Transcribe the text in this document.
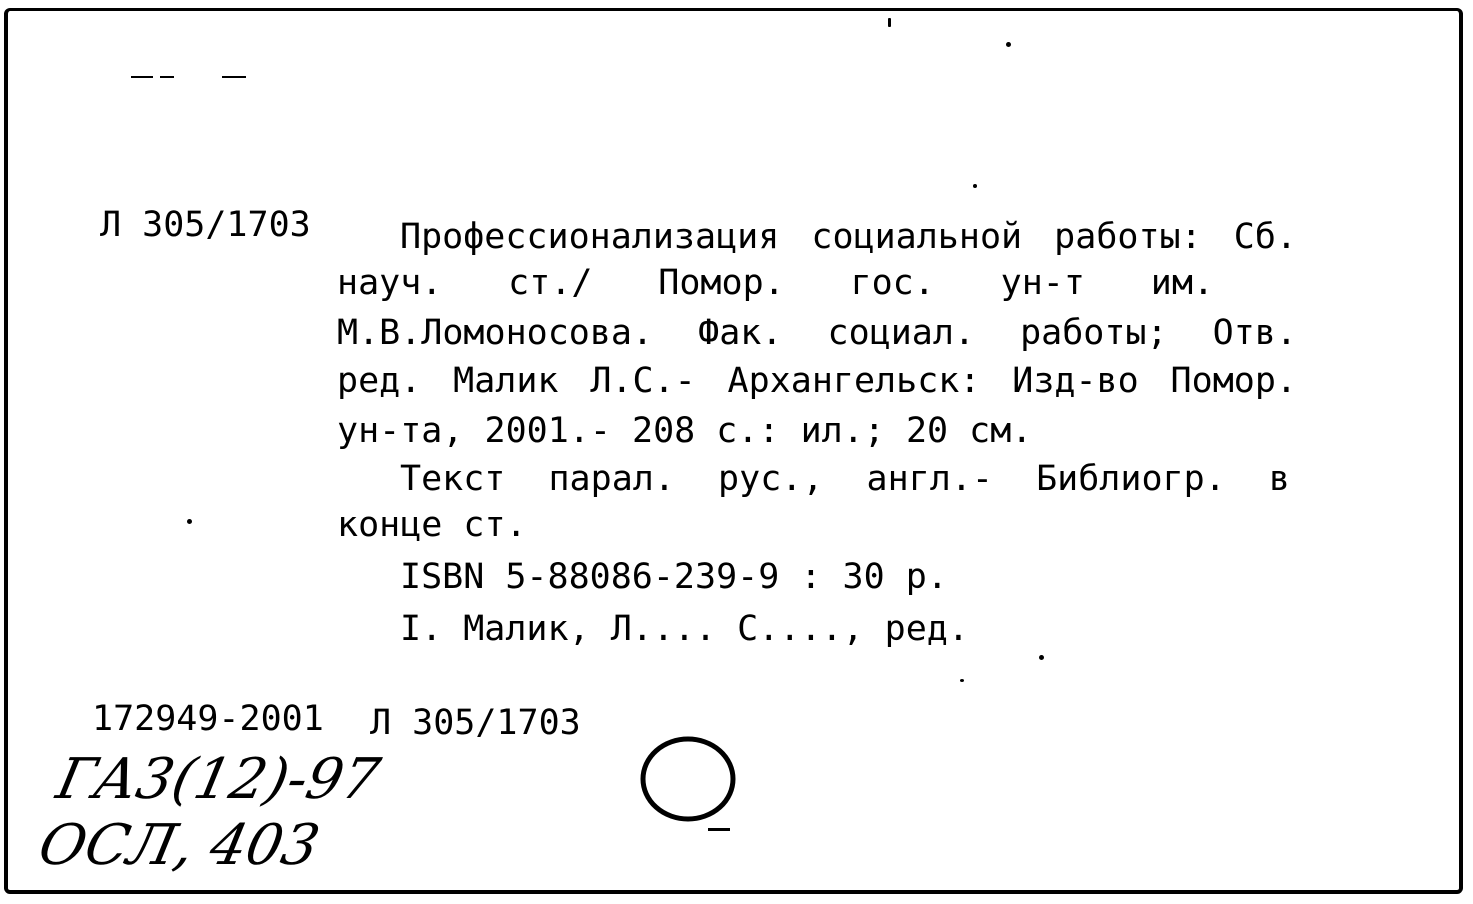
Л 305/1703	Профессионализация социальной работы: Сб.
науч. ст./ Помор. гос. ун-т им.
М.В.Ломоносова. Фак. социал. работы; Отв.
ред. Малик Л.С.- Архангельск: Изд-во Помор.
ун-та, 2001.- 208 с.: ил.; 20 см.
Текст парал. рус., англ.- Библиогр. в
конце ст.
ISBN 5-88086-239-9 : 30 р.
I. Малик, Л.... С...., ред.
172949-2001 Л 305/1703
ГА3(12)-97
ОСЛ, 403
